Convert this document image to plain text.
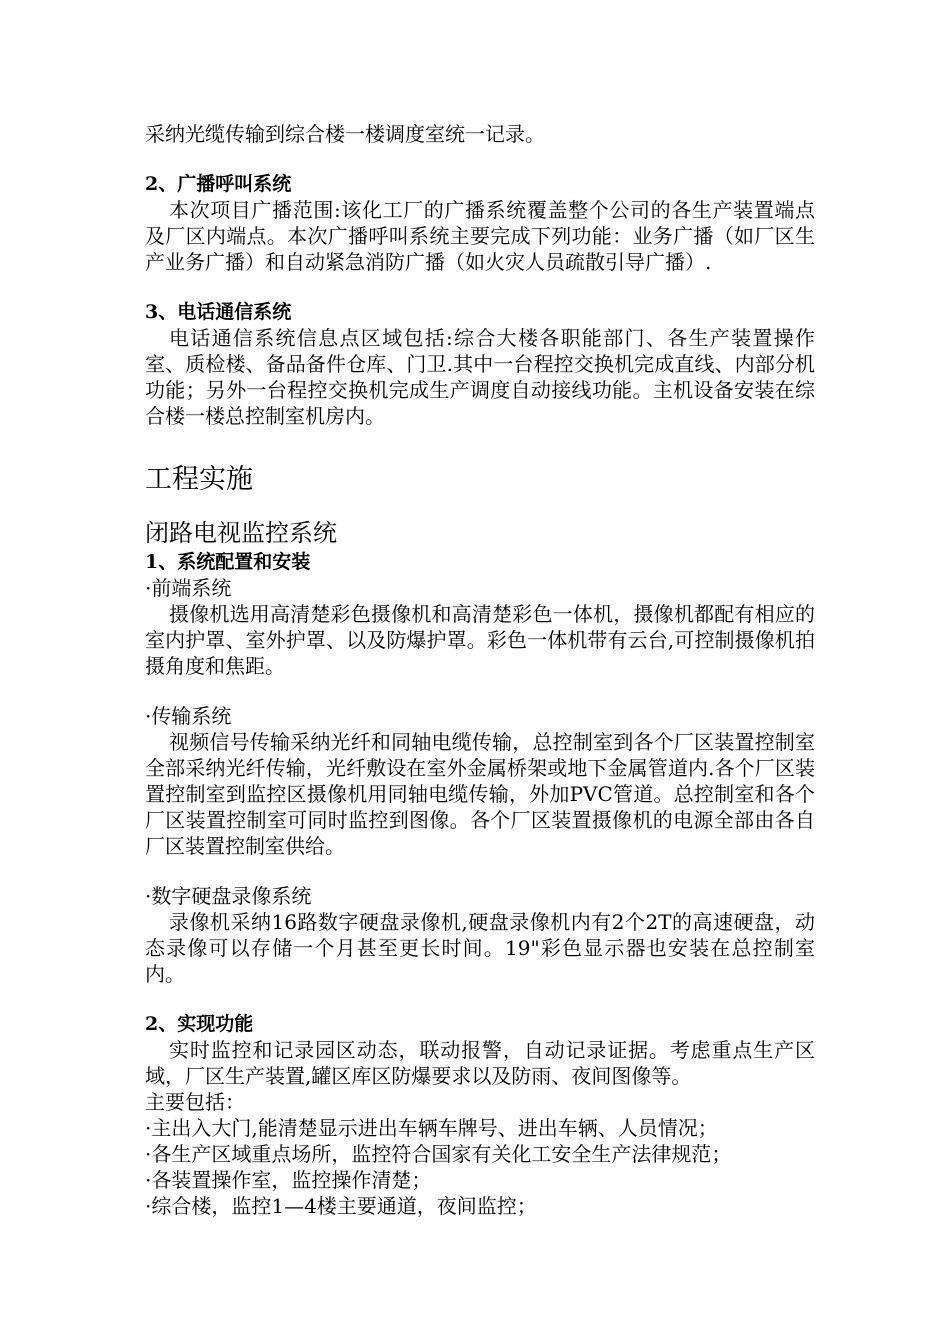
采纳光缆传输到综合楼一楼调度室统一记录。

2、广播呼叫系统

本次项目广播范围:该化工厂的广播系统覆盖整个公司的各生产装置端点及厂区内端点。本次广播呼叫系统主要完成下列功能：业务广播（如厂区生产业务广播）和自动紧急消防广播（如火灾人员疏散引导广播）.

3、电话通信系统

电话通信系统信息点区域包括:综合大楼各职能部门、各生产装置操作室、质检楼、备品备件仓库、门卫.其中一台程控交换机完成直线、内部分机功能；另外一台程控交换机完成生产调度自动接线功能。主机设备安装在综合楼一楼总控制室机房内。

工程实施
闭路电视监控系统
1、系统配置和安装

·前端系统

摄像机选用高清楚彩色摄像机和高清楚彩色一体机，摄像机都配有相应的室内护罩、室外护罩、以及防爆护罩。彩色一体机带有云台,可控制摄像机拍摄角度和焦距。

·传输系统

视频信号传输采纳光纤和同轴电缆传输，总控制室到各个厂区装置控制室全部采纳光纤传输，光纤敷设在室外金属桥架或地下金属管道内.各个厂区装置控制室到监控区摄像机用同轴电缆传输，外加PVC管道。总控制室和各个厂区装置控制室可同时监控到图像。各个厂区装置摄像机的电源全部由各自厂区装置控制室供给。

·数字硬盘录像系统

录像机采纳16路数字硬盘录像机,硬盘录像机内有2个2T的高速硬盘，动态录像可以存储一个月甚至更长时间。19"彩色显示器也安装在总控制室内。

2、实现功能

实时监控和记录园区动态，联动报警，自动记录证据。考虑重点生产区域，厂区生产装置,罐区库区防爆要求以及防雨、夜间图像等。

主要包括：

·主出入大门,能清楚显示进出车辆车牌号、进出车辆、人员情况；

·各生产区域重点场所，监控符合国家有关化工安全生产法律规范；

·各装置操作室，监控操作清楚；

·综合楼，监控1—4楼主要通道，夜间监控；
